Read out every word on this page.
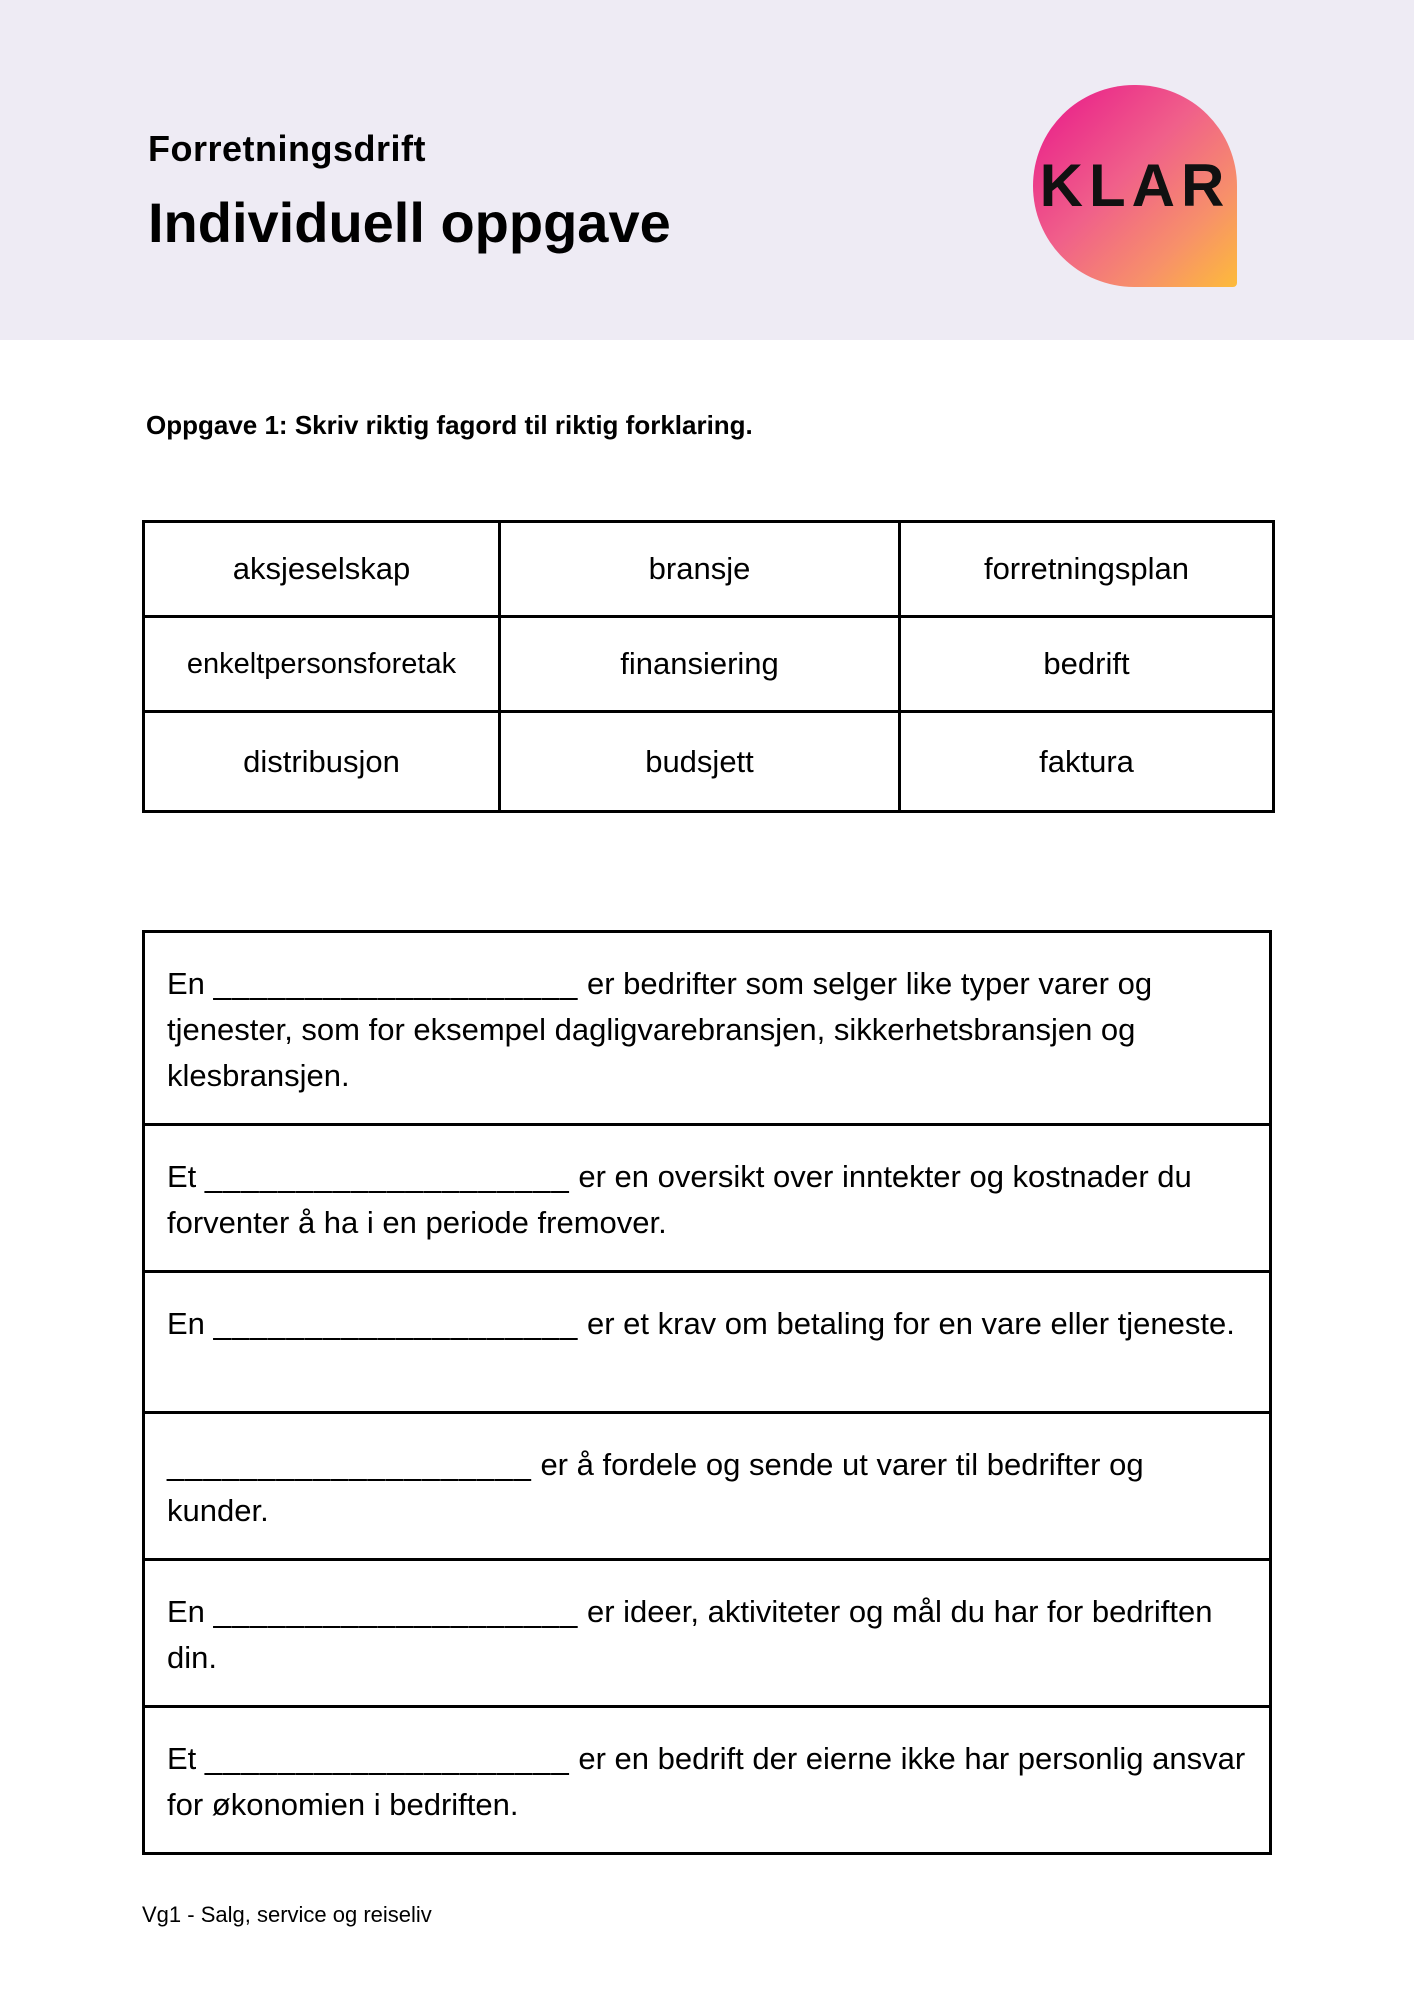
Forretningsdrift
Individuell oppgave
KLAR
Oppgave 1: Skriv riktig fagord til riktig forklaring.
aksjeselskap	bransje	forretningsplan
enkeltpersonsforetak	finansiering	bedrift
distribusjon	budsjett	faktura
En ____________________ er bedrifter som selger like typer varer og tjenester, som for eksempel dagligvarebransjen, sikkerhetsbransjen og klesbransjen.
Et ____________________ er en oversikt over inntekter og kostnader du forventer å ha i en periode fremover.
En ____________________ er et krav om betaling for en vare eller tjeneste.
____________________ er å fordele og sende ut varer til bedrifter og kunder.
En ____________________ er ideer, aktiviteter og mål du har for bedriften din.
Et ____________________ er en bedrift der eierne ikke har personlig ansvar for økonomien i bedriften.
Vg1 - Salg, service og reiseliv
